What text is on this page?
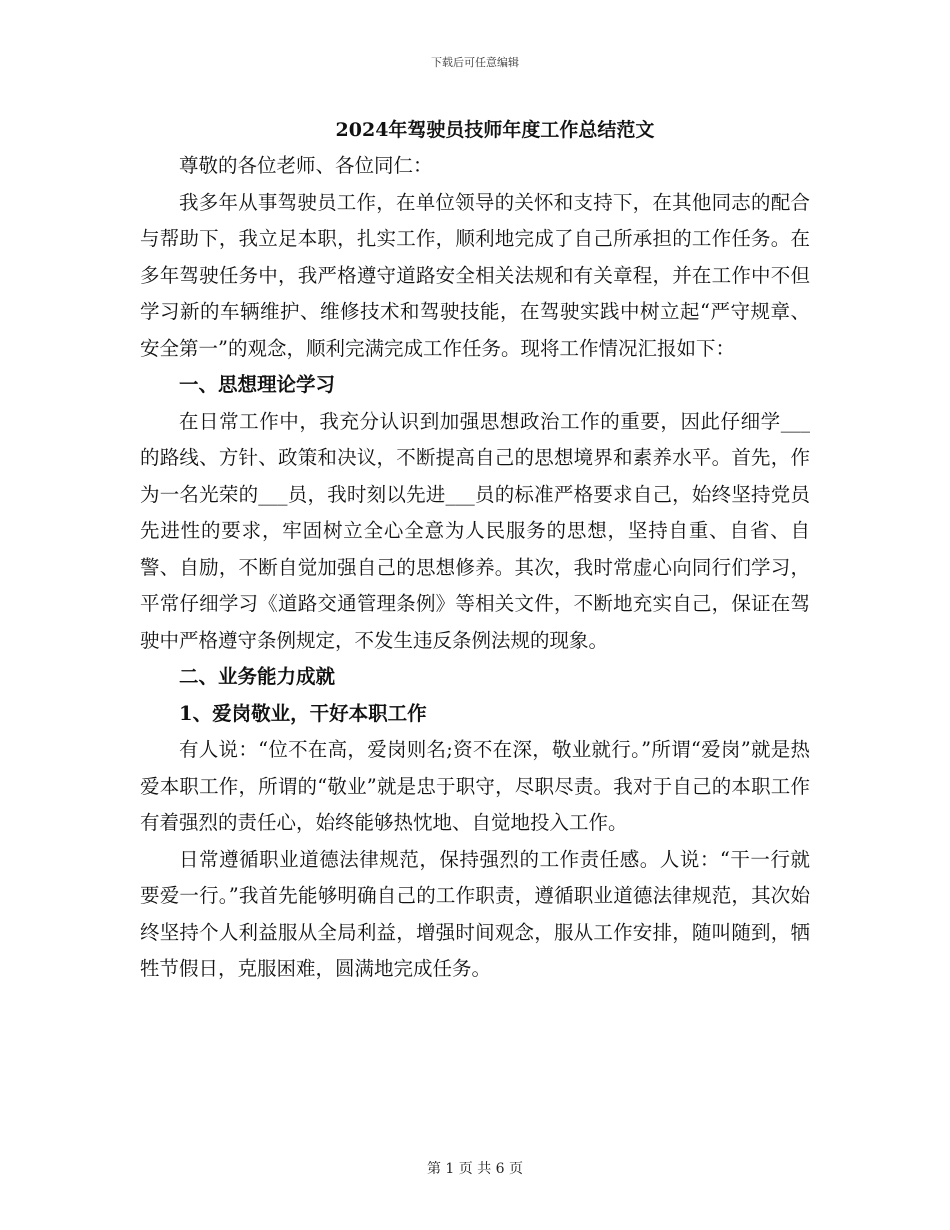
下载后可任意编辑
2024年驾驶员技师年度工作总结范文

尊敬的各位老师、各位同仁：

我多年从事驾驶员工作，在单位领导的关怀和支持下，在其他同志的配合与帮助下，我立足本职，扎实工作，顺利地完成了自己所承担的工作任务。在多年驾驶任务中，我严格遵守道路安全相关法规和有关章程，并在工作中不但学习新的车辆维护、维修技术和驾驶技能，在驾驶实践中树立起“严守规章、安全第一”的观念，顺利完满完成工作任务。现将工作情况汇报如下：

一、思想理论学习

在日常工作中，我充分认识到加强思想政治工作的重要，因此仔细学___的路线、方针、政策和决议，不断提高自己的思想境界和素养水平。首先，作为一名光荣的___员，我时刻以先进___员的标准严格要求自己，始终坚持党员先进性的要求，牢固树立全心全意为人民服务的思想，坚持自重、自省、自警、自励，不断自觉加强自己的思想修养。其次，我时常虚心向同行们学习，平常仔细学习《道路交通管理条例》等相关文件，不断地充实自己，保证在驾驶中严格遵守条例规定，不发生违反条例法规的现象。

二、业务能力成就

1、爱岗敬业，干好本职工作

有人说：“位不在高，爱岗则名;资不在深，敬业就行。”所谓“爱岗”就是热爱本职工作，所谓的“敬业”就是忠于职守，尽职尽责。我对于自己的本职工作有着强烈的责任心，始终能够热忱地、自觉地投入工作。

日常遵循职业道德法律规范，保持强烈的工作责任感。人说：“干一行就要爱一行。”我首先能够明确自己的工作职责，遵循职业道德法律规范，其次始终坚持个人利益服从全局利益，增强时间观念，服从工作安排，随叫随到，牺牲节假日，克服困难，圆满地完成任务。

第 1 页 共 6 页
